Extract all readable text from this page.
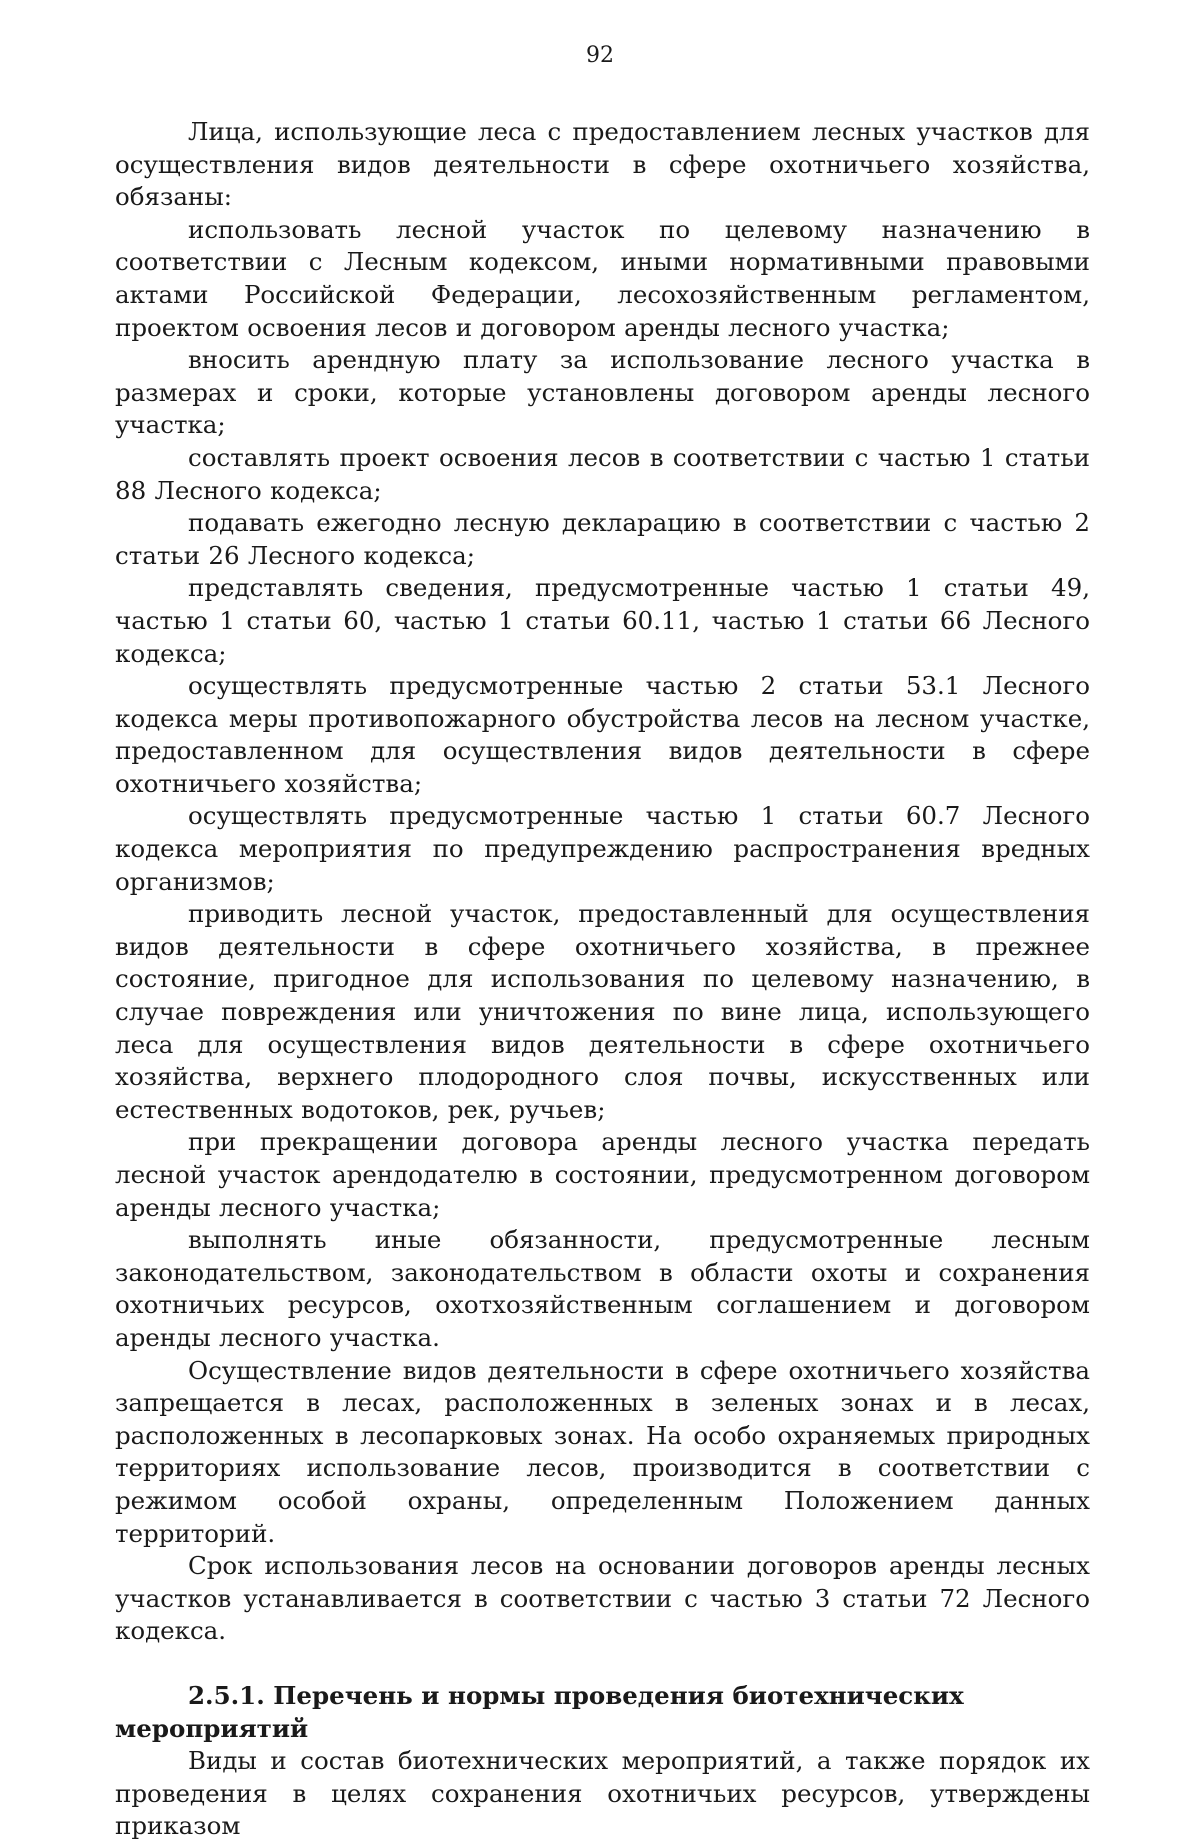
92

Лица, использующие леса с предоставлением лесных участков для осуществления видов деятельности в сфере охотничьего хозяйства, обязаны:

использовать лесной участок по целевому назначению в соответствии с Лесным кодексом, иными нормативными правовыми актами Российской Федерации, лесохозяйственным регламентом, проектом освоения лесов и договором аренды лесного участка;

вносить арендную плату за использование лесного участка в размерах и сроки, которые установлены договором аренды лесного участка;

составлять проект освоения лесов в соответствии с частью 1 статьи 88 Лесного кодекса;

подавать ежегодно лесную декларацию в соответствии с частью 2 статьи 26 Лесного кодекса;

представлять сведения, предусмотренные частью 1 статьи 49, частью 1 статьи 60, частью 1 статьи 60.11, частью 1 статьи 66 Лесного кодекса;

осуществлять предусмотренные частью 2 статьи 53.1 Лесного кодекса меры противопожарного обустройства лесов на лесном участке, предоставленном для осуществления видов деятельности в сфере охотничьего хозяйства;

осуществлять предусмотренные частью 1 статьи 60.7 Лесного кодекса мероприятия по предупреждению распространения вредных организмов;

приводить лесной участок, предоставленный для осуществления видов деятельности в сфере охотничьего хозяйства, в прежнее состояние, пригодное для использования по целевому назначению, в случае повреждения или уничтожения по вине лица, использующего леса для осуществления видов деятельности в сфере охотничьего хозяйства, верхнего плодородного слоя почвы, искусственных или естественных водотоков, рек, ручьев;

при прекращении договора аренды лесного участка передать лесной участок арендодателю в состоянии, предусмотренном договором аренды лесного участка;

выполнять иные обязанности, предусмотренные лесным законодательством, законодательством в области охоты и сохранения охотничьих ресурсов, охотхозяйственным соглашением и договором аренды лесного участка.

Осуществление видов деятельности в сфере охотничьего хозяйства запрещается в лесах, расположенных в зеленых зонах и в лесах, расположенных в лесопарковых зонах. На особо охраняемых природных территориях использование лесов, производится в соответствии с режимом особой охраны, определенным Положением данных территорий.

Срок использования лесов на основании договоров аренды лесных участков устанавливается в соответствии с частью 3 статьи 72 Лесного кодекса.

2.5.1. Перечень и нормы проведения биотехнических мероприятий

Виды и состав биотехнических мероприятий, а также порядок их проведения в целях сохранения охотничьих ресурсов, утверждены приказом
